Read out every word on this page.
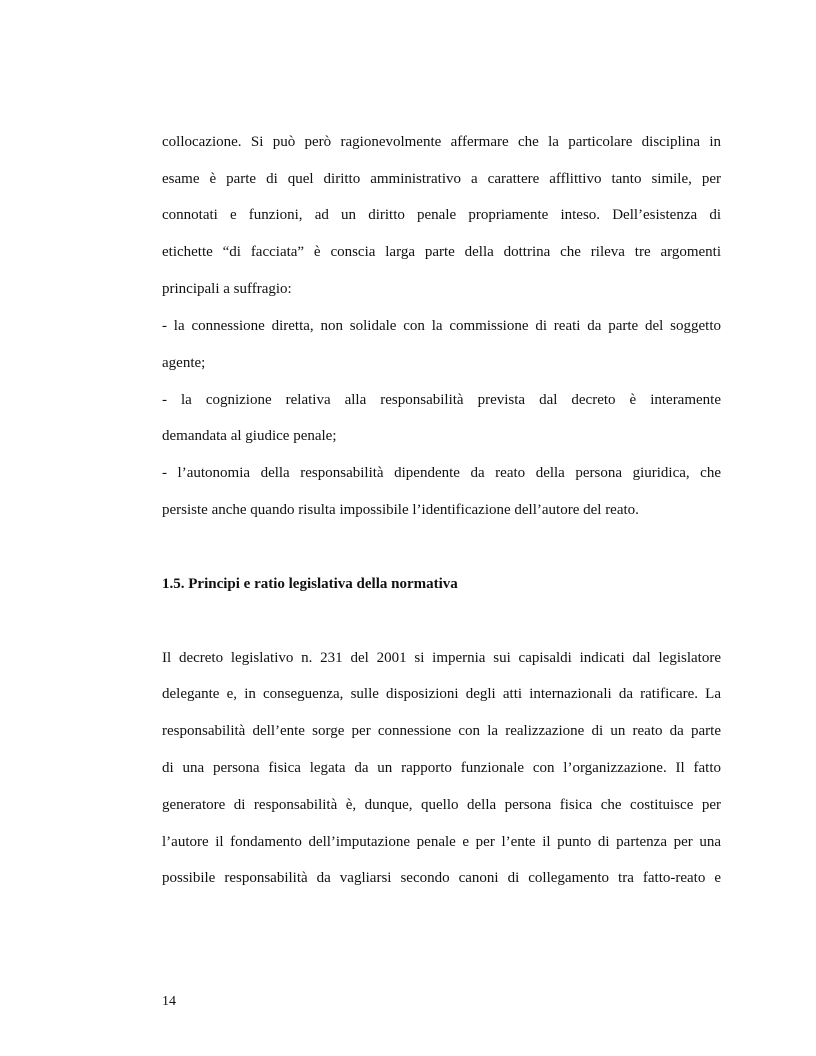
collocazione. Si può però ragionevolmente affermare che la particolare disciplina in
esame è parte di quel diritto amministrativo a carattere afflittivo tanto simile, per
connotati e funzioni, ad un diritto penale propriamente inteso. Dell’esistenza di
etichette “di facciata” è conscia larga parte della dottrina che rileva tre argomenti
principali a suffragio:
- la connessione diretta, non solidale con la commissione di reati da parte del soggetto
agente;
- la cognizione relativa alla responsabilità prevista dal decreto è interamente
demandata al giudice penale;
- l’autonomia della responsabilità dipendente da reato della persona giuridica, che
persiste anche quando risulta impossibile l’identificazione dell’autore del reato.
1.5. Principi e ratio legislativa della normativa
Il decreto legislativo n. 231 del 2001 si impernia sui capisaldi indicati dal legislatore
delegante e, in conseguenza, sulle disposizioni degli atti internazionali da ratificare. La
responsabilità dell’ente sorge per connessione con la realizzazione di un reato da parte
di una persona fisica legata da un rapporto funzionale con l’organizzazione. Il fatto
generatore di responsabilità è, dunque, quello della persona fisica che costituisce per
l’autore il fondamento dell’imputazione penale e per l’ente il punto di partenza per una
possibile responsabilità da vagliarsi secondo canoni di collegamento tra fatto-reato e
14
